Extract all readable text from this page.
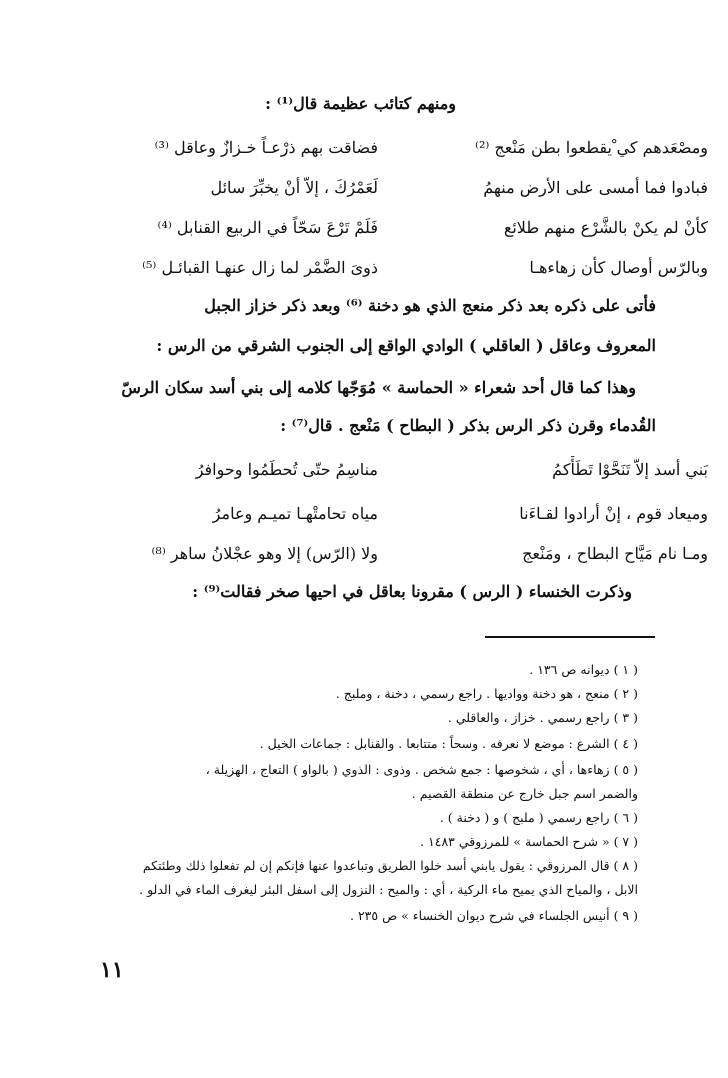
ومنهم كتائب عظيمة قال⁽¹⁾ :
ومصْعَدهم كي ْيقطعوا بطن مَنْعج ⁽²⁾
فضاقت بهم ذرْعـاً خـزازٌ وعاقل ⁽³⁾
فبادوا فما أمسى على الأرض منهمُ
لَعَمْرُكَ ، إلاّ أنْ يخبِّرَ سائل
كأنْ لم يكنْ بالشَّرْع منهم طلائع
فَلَمْ تَرْعَ سَحّاً في الربيع القنابل ⁽⁴⁾
وبالرّس أوصال كأن زهاءهـا
ذوىَ الضَّمْر لما زال عنهـا القبائـل ⁽⁵⁾
فأتى على ذكره بعد ذكر منعج الذي هو دخنة ⁽⁶⁾ وبعد ذكر خزاز الجبل
المعروف وعاقل ( العاقلي ) الوادي الواقع إلى الجنوب الشرقي من الرس :
وهذا كما قال أحد شعراء « الحماسة » مُوَجّها كلامه إلى بني أسد سكان الرسّ
القُدماء وقرن ذكر الرس بذكر ( البطاح ) مَنْعج . قال⁽⁷⁾ :
بَني أسد إلاّ تَنَحَّوْا تَطَأْكمُ
مناسِمُ حتّى تُحطَمُوا وحوافرُ
وميعاد قوم ، إنْ أرادوا لقـاءَنا
مياه تحامتْهـا تميـم وعامرُ
ومـا نام مَيَّاح البطاح ، ومَنْعج
ولا (الرّس) إلا وهو عجْلانُ ساهر ⁽⁸⁾
وذكرت الخنساء ( الرس ) مقرونا بعاقل في احيها صخر فقالت⁽⁹⁾ :
( ١ ) ديوانه ص ١٣٦ .
( ٢ ) منعج ، هو دخنة وواديها . راجع رسمي ، دخنة ، وملبج .
( ٣ ) راجع رسمي . خزاز ، والعاقلي .
( ٤ ) الشرع : موضع لا نعرفه . وسحاً : متتابعا . والقنابل : جماعات الخيل .
( ٥ ) زهاءها ، أي ، شخوصها : جمع شخص . وذوى : الذوي ( بالواو ) التعاج ، الهزيلة ،
والضمر اسم جبل خارج عن منطقة القصيم .
( ٦ ) راجع رسمي ( ملبج ) و ( دخنة ) .
( ٧ ) « شرح الحماسة » للمرزوقي ١٤٨٣ .
( ٨ ) قال المرزوقي : يقول يابني أسد خلوا الطريق وتباعدوا عنها فإنكم إن لم تفعلوا ذلك وطئتكم
الابل ، والمياح الذي يميح ماء الركية ، أي : والميح : النزول إلى اسفل البئر ليغرف الماء في الدلو .
( ٩ ) أنيس الجلساء في شرح ديوان الخنساء » ص ٢٣٥ .
١١
